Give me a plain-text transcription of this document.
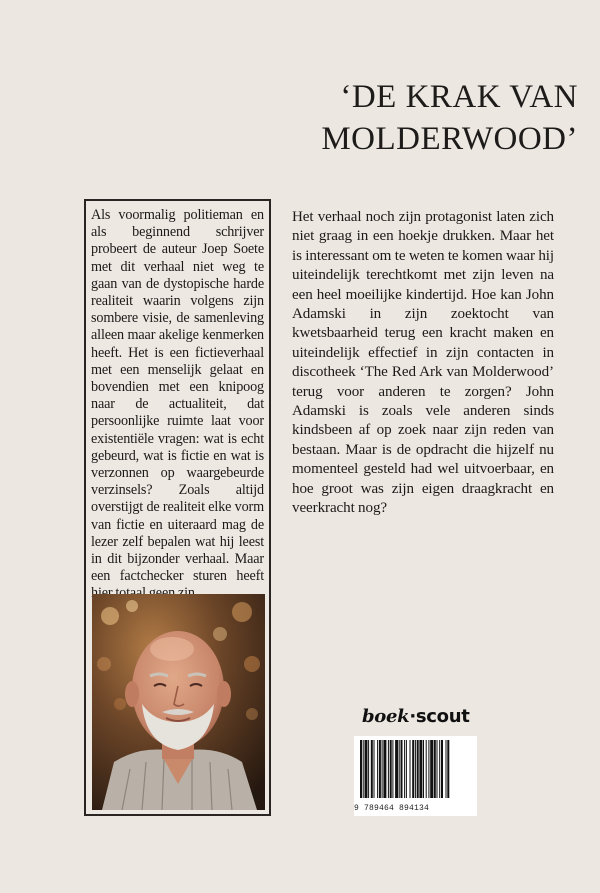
‘DE KRAK VAN
MOLDERWOOD’
Als voormalig politieman en als beginnend schrijver probeert de auteur Joep Soete met dit verhaal niet weg te gaan van de dystopische harde realiteit waarin volgens zijn sombere visie, de samenleving alleen maar akelige kenmerken heeft. Het is een fictieverhaal met een menselijk gelaat en bovendien met een knipoog naar de actualiteit, dat persoonlijke ruimte laat voor existentiële vragen: wat is echt gebeurd, wat is fictie en wat is verzonnen op waargebeurde verzinsels? Zoals altijd overstijgt de realiteit elke vorm van fictie en uiteraard mag de lezer zelf bepalen wat hij leest in dit bijzonder verhaal. Maar een factchecker sturen heeft
Het verhaal noch zijn protagonist laten zich niet graag in een hoekje drukken. Maar het is interessant om te weten te komen waar hij uiteindelijk terechtkomt met zijn leven na een heel moeilijke kindertijd. Hoe kan John Adamski in zijn zoektocht van kwetsbaarheid terug een kracht maken en uiteindelijk effectief in zijn contacten in discotheek ‘The Red Ark van Molderwood’ terug voor anderen te zorgen? John Adamski is zoals vele anderen sinds kindsbeen af op zoek naar zijn reden van bestaan. Maar is de opdracht die hijzelf nu momenteel gesteld had wel uitvoerbaar, en hoe groot was zijn eigen draagkracht en veerkracht nog?
boek·scout
9 789464 894134
